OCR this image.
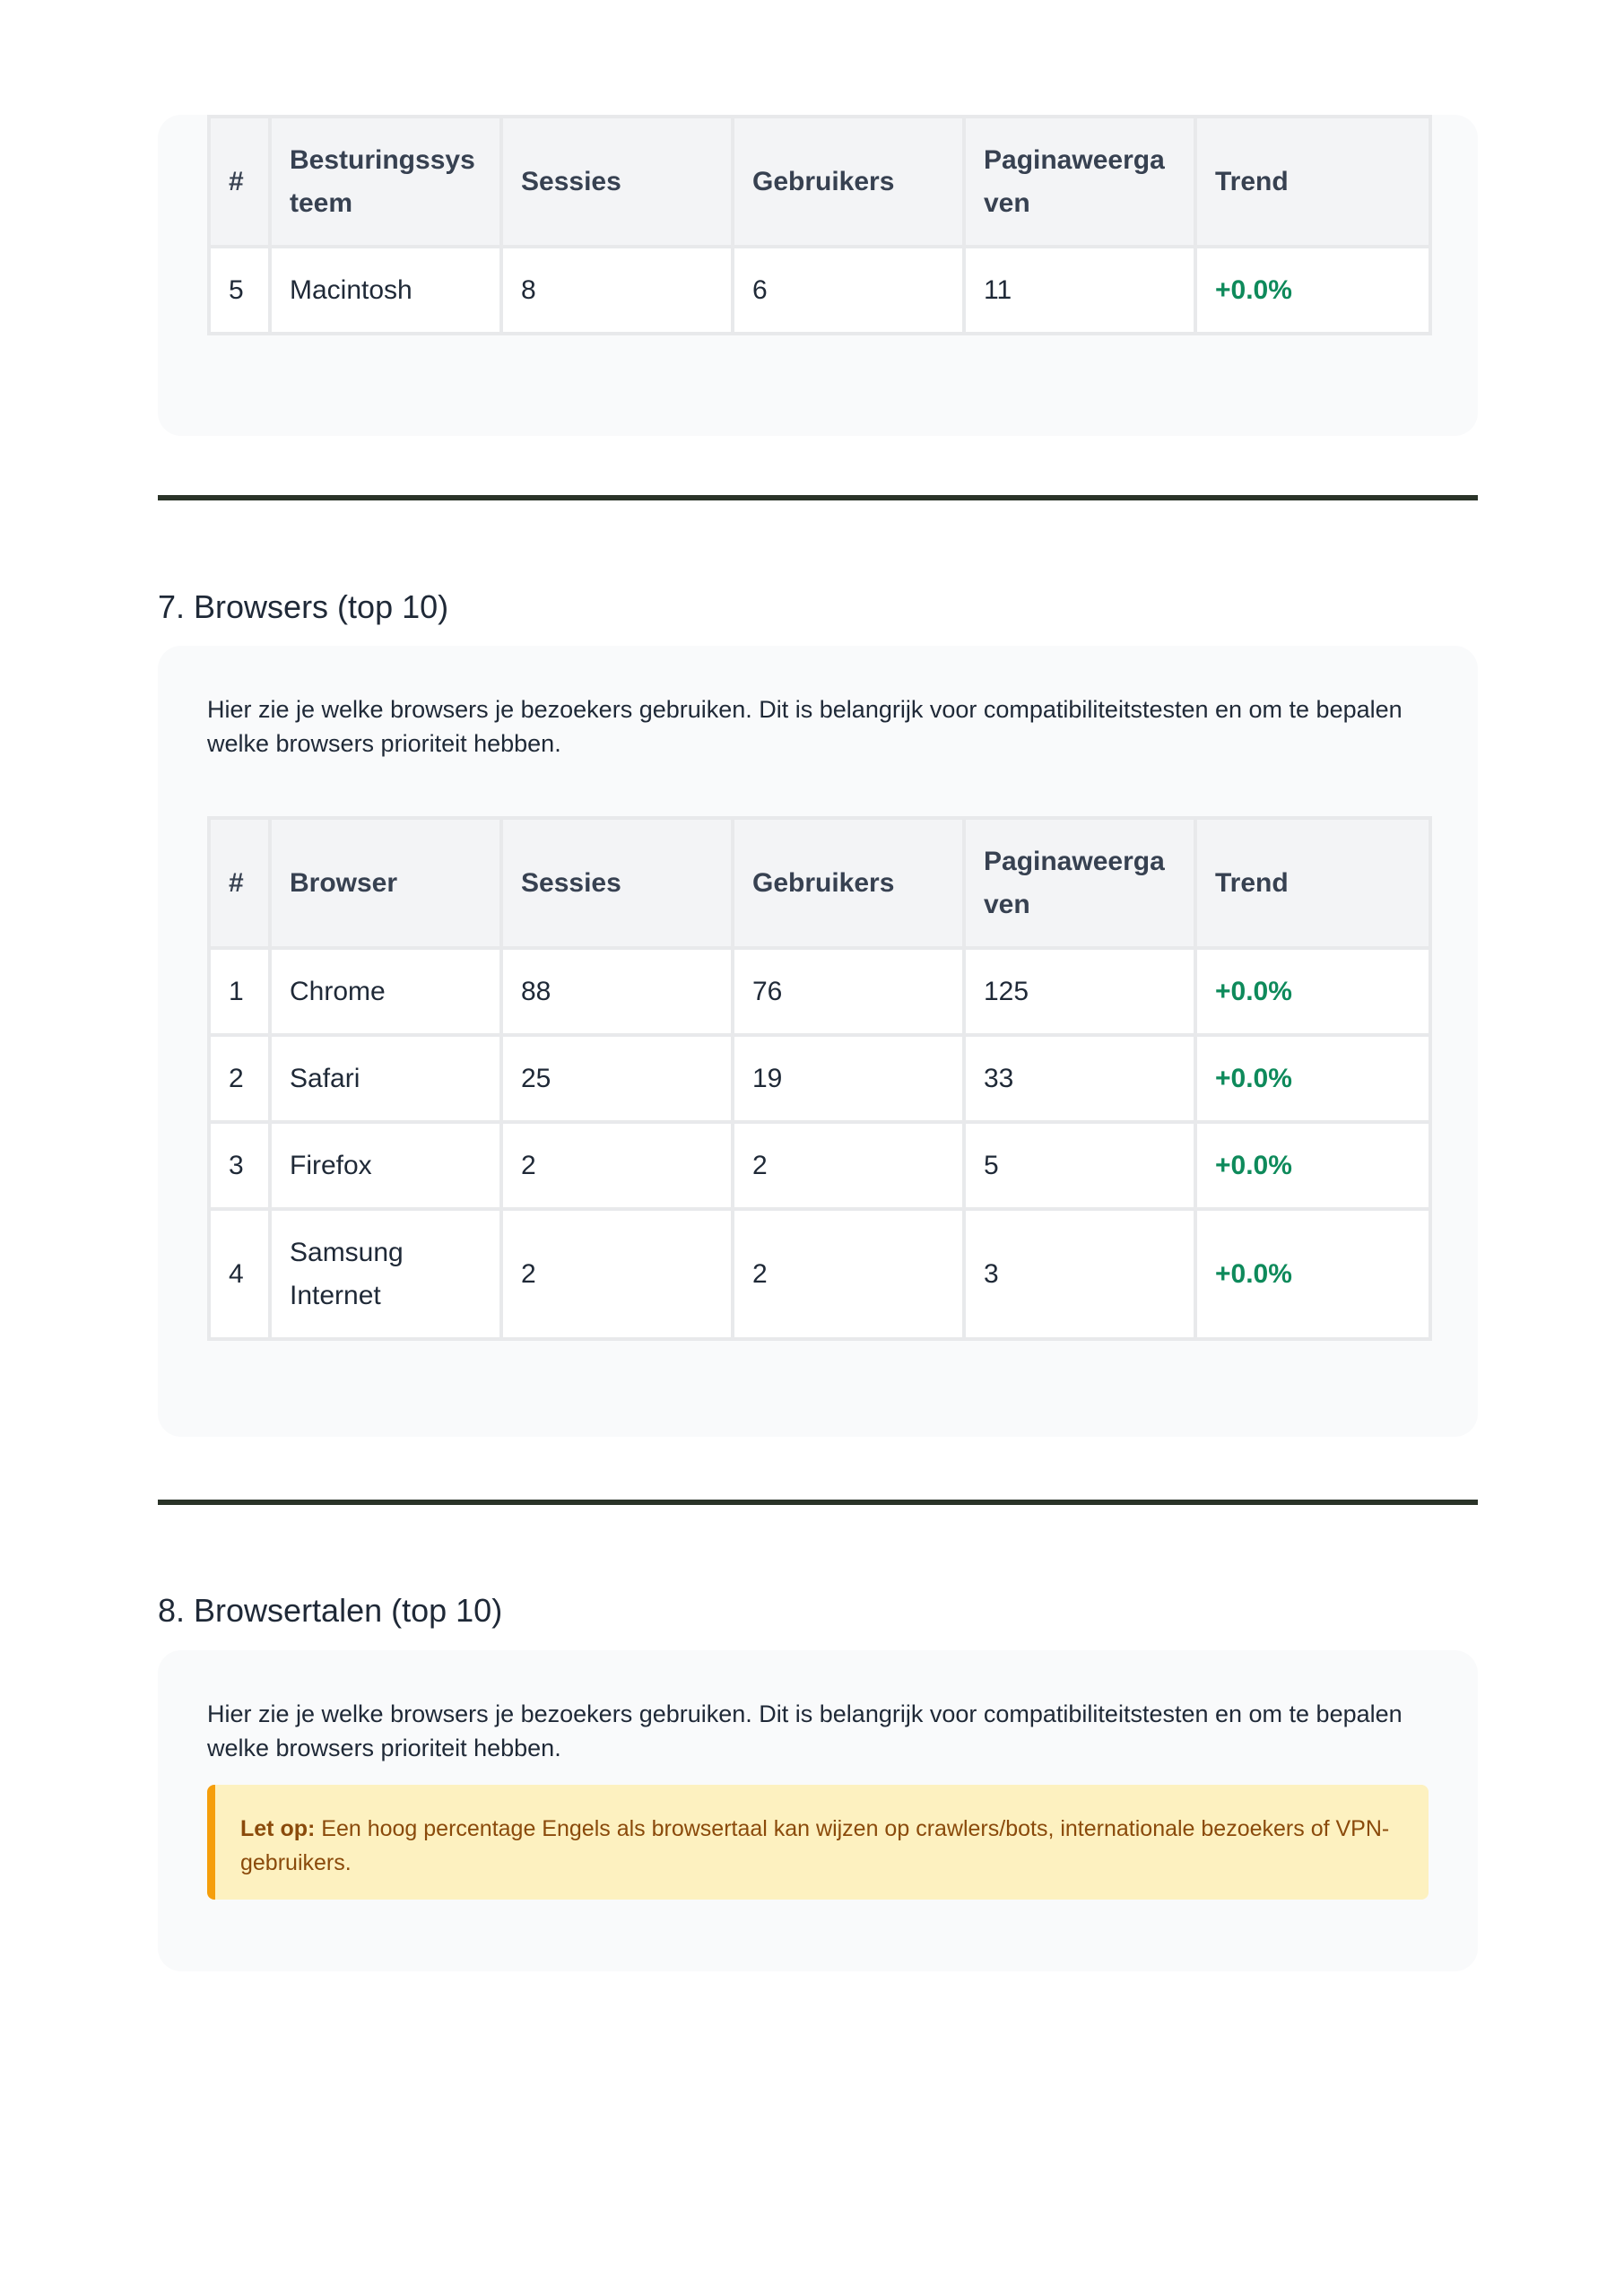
#	Besturingssysteem	Sessies	Gebruikers	Paginaweergaven	Trend
5	Macintosh	8	6	11	+0.0%
7. Browsers (top 10)

Hier zie je welke browsers je bezoekers gebruiken. Dit is belangrijk voor compatibiliteitstesten en om te bepalen welke browsers prioriteit hebben.

#	Browser	Sessies	Gebruikers	Paginaweergaven	Trend
1	Chrome	88	76	125	+0.0%
2	Safari	25	19	33	+0.0%
3	Firefox	2	2	5	+0.0%
4	Samsung Internet	2	2	3	+0.0%
8. Browsertalen (top 10)

Hier zie je welke browsers je bezoekers gebruiken. Dit is belangrijk voor compatibiliteitstesten en om te bepalen welke browsers prioriteit hebben.

Let op: Een hoog percentage Engels als browsertaal kan wijzen op crawlers/bots, internationale bezoekers of VPN-gebruikers.
